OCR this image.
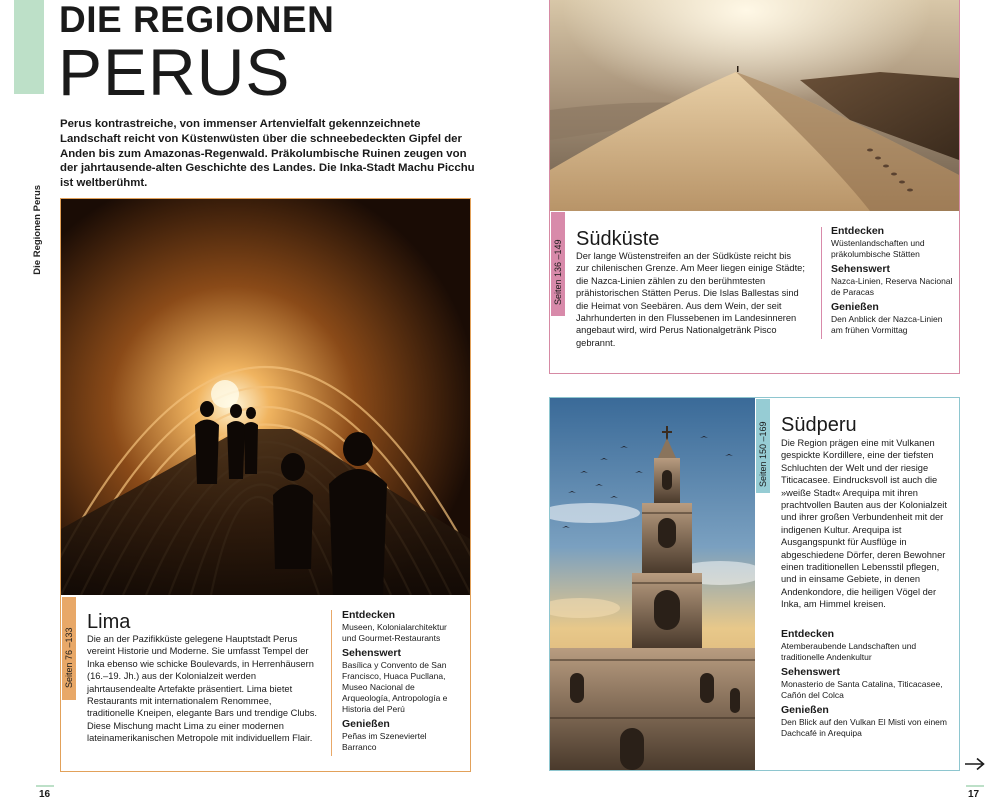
Die Regionen Perus
DIE REGIONEN
PERUS
Perus kontrastreiche, von immenser Artenvielfalt gekennzeichnete Landschaft reicht von Küstenwüsten über die schneebedeckten Gipfel der Anden bis zum Amazonas-Regenwald. Präkolumbische Ruinen zeugen von der jahrtausende-alten Geschichte des Landes. Die Inka-Stadt Machu Picchu ist weltberühmt.
Seiten 76 –133
Lima
Die an der Pazifikküste gelegene Hauptstadt Perus vereint Historie und Moderne. Sie umfasst Tempel der Inka ebenso wie schicke Boulevards, in Herrenhäusern (16.–19. Jh.) aus der Kolonialzeit werden jahrtausendealte Artefakte präsentiert. Lima bietet Restaurants mit internationalem Renommee, traditionelle Kneipen, elegante Bars und trendige Clubs. Diese Mischung macht Lima zu einer modernen lateinamerikanischen Metropole mit individuellem Flair.
Entdecken
Museen, Kolonialarchitektur und Gourmet-Restaurants
Sehenswert
Basílica y Convento de San Francisco, Huaca Pucllana, Museo Nacional de Arqueología, Antropología e Historia del Perú
Genießen
Peñas im Szeneviertel Barranco
16
Seiten 136 –149
Südküste
Der lange Wüstenstreifen an der Südküste reicht bis zur chilenischen Grenze. Am Meer liegen einige Städte; die Nazca-Linien zählen zu den berühmtesten prähistorischen Stätten Perus. Die Islas Ballestas sind die Heimat von Seebären. Aus dem Wein, der seit Jahrhunderten in den Flussebenen im Landesinneren angebaut wird, wird Perus Nationalgetränk Pisco gebrannt.
Entdecken
Wüstenlandschaften und präkolumbische Stätten
Sehenswert
Nazca-Linien, Reserva Nacional de Paracas
Genießen
Den Anblick der Nazca-Linien am frühen Vormittag
Seiten 150 –169 Südperu
Die Region prägen eine mit Vulkanen gespickte Kordillere, eine der tiefsten Schluchten der Welt und der riesige Titicacasee. Eindrucksvoll ist auch die »weiße Stadt« Arequipa mit ihren prachtvollen Bauten aus der Kolonialzeit und ihrer großen Verbundenheit mit der indigenen Kultur. Arequipa ist Ausgangspunkt für Ausflüge in abgeschiedene Dörfer, deren Bewohner einen traditionellen Lebensstil pflegen, und in einsame Gebiete, in denen Andenkondore, die heiligen Vögel der Inka, am Himmel kreisen.
Entdecken
Atemberaubende Landschaften und traditionelle Andenkultur
Sehenswert
Monasterio de Santa Catalina, Titicacasee, Cañón del Colca
Genießen
Den Blick auf den Vulkan El Misti von einem Dachcafé in Arequipa
17
